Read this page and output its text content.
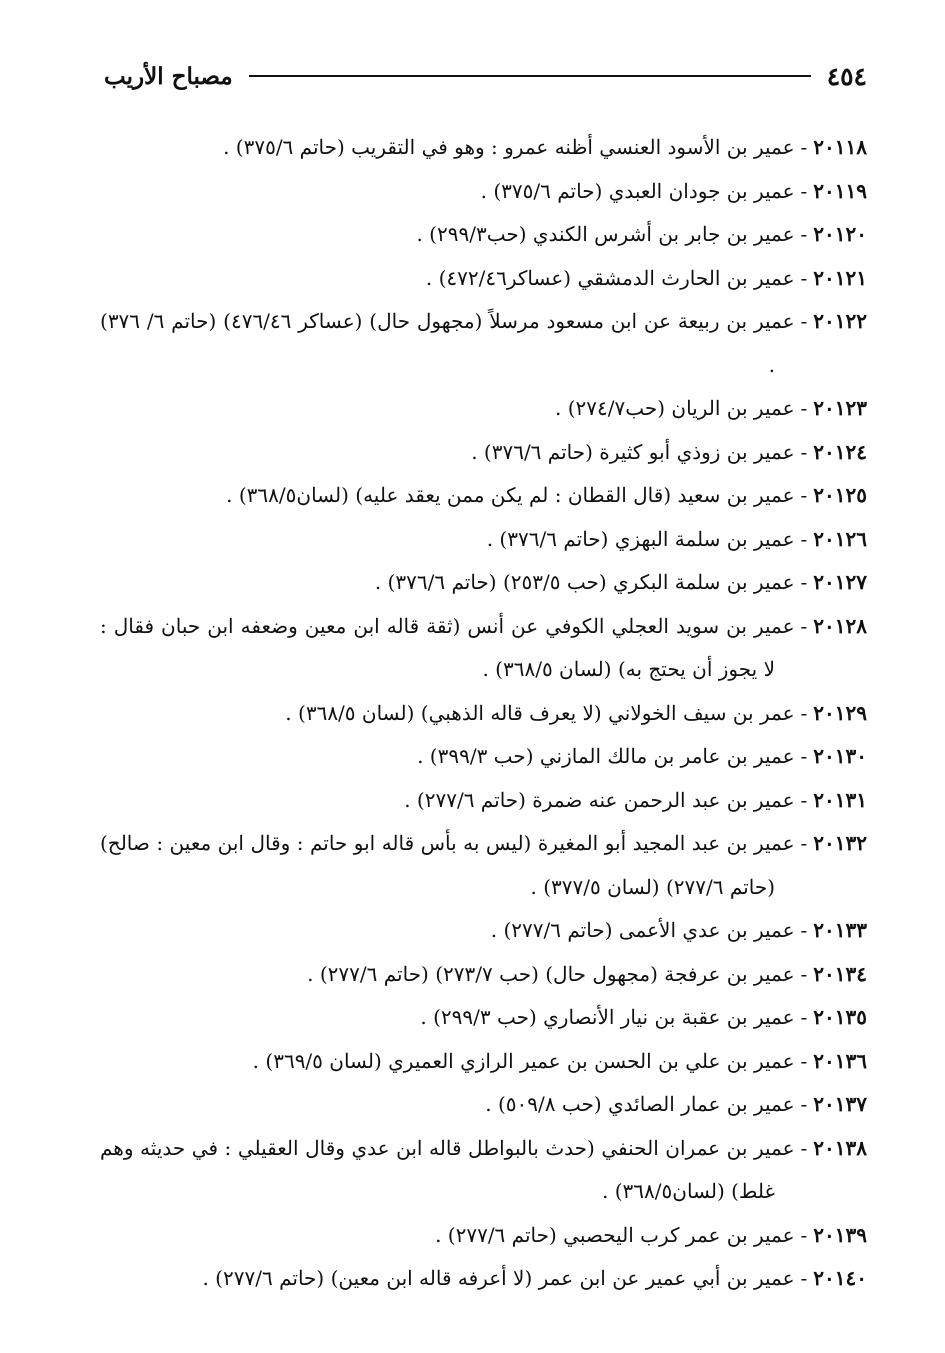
٤٥٤
مصباح الأريب
٢٠١١٨-عمير بن الأسود العنسي أظنه عمرو : وهو في التقريب (حاتم ٣٧٥/٦) .
٢٠١١٩-عمير بن جودان العبدي (حاتم ٣٧٥/٦) .
٢٠١٢٠-عمير بن جابر بن أشرس الكندي (حب٢٩٩/٣) .
٢٠١٢١-عمير بن الحارث الدمشقي (عساكر٤٧٢/٤٦) .
٢٠١٢٢-عمير بن ربيعة عن ابن مسعود مرسلاً (مجهول حال) (عساكر ٤٧٦/٤٦) (حاتم ٦/ ٣٧٦) .
٢٠١٢٣-عمير بن الريان (حب٢٧٤/٧) .
٢٠١٢٤-عمير بن زوذي أبو كثيرة (حاتم ٣٧٦/٦) .
٢٠١٢٥-عمير بن سعيد (قال القطان : لم يكن ممن يعقد عليه) (لسان٣٦٨/٥) .
٢٠١٢٦-عمير بن سلمة البهزي (حاتم ٣٧٦/٦) .
٢٠١٢٧-عمير بن سلمة البكري (حب ٢٥٣/٥) (حاتم ٣٧٦/٦) .
٢٠١٢٨-عمير بن سويد العجلي الكوفي عن أنس (ثقة قاله ابن معين وضعفه ابن حبان فقال : لا يجوز أن يحتج به) (لسان ٣٦٨/٥) .
٢٠١٢٩-عمر بن سيف الخولاني (لا يعرف قاله الذهبي) (لسان ٣٦٨/٥) .
٢٠١٣٠-عمير بن عامر بن مالك المازني (حب ٣٩٩/٣) .
٢٠١٣١-عمير بن عبد الرحمن عنه ضمرة (حاتم ٢٧٧/٦) .
٢٠١٣٢-عمير بن عبد المجيد أبو المغيرة (ليس به بأس قاله ابو حاتم : وقال ابن معين : صالح) (حاتم ٢٧٧/٦) (لسان ٣٧٧/٥) .
٢٠١٣٣-عمير بن عدي الأعمى (حاتم ٢٧٧/٦) .
٢٠١٣٤-عمير بن عرفجة (مجهول حال) (حب ٢٧٣/٧) (حاتم ٢٧٧/٦) .
٢٠١٣٥-عمير بن عقبة بن نيار الأنصاري (حب ٢٩٩/٣) .
٢٠١٣٦-عمير بن علي بن الحسن بن عمير الرازي العميري (لسان ٣٦٩/٥) .
٢٠١٣٧-عمير بن عمار الصائدي (حب ٥٠٩/٨) .
٢٠١٣٨-عمير بن عمران الحنفي (حدث بالبواطل قاله ابن عدي وقال العقيلي : في حديثه وهم غلط) (لسان٣٦٨/٥) .
٢٠١٣٩-عمير بن عمر كرب اليحصبي (حاتم ٢٧٧/٦) .
٢٠١٤٠-عمير بن أبي عمير عن ابن عمر (لا أعرفه قاله ابن معين) (حاتم ٢٧٧/٦) .
